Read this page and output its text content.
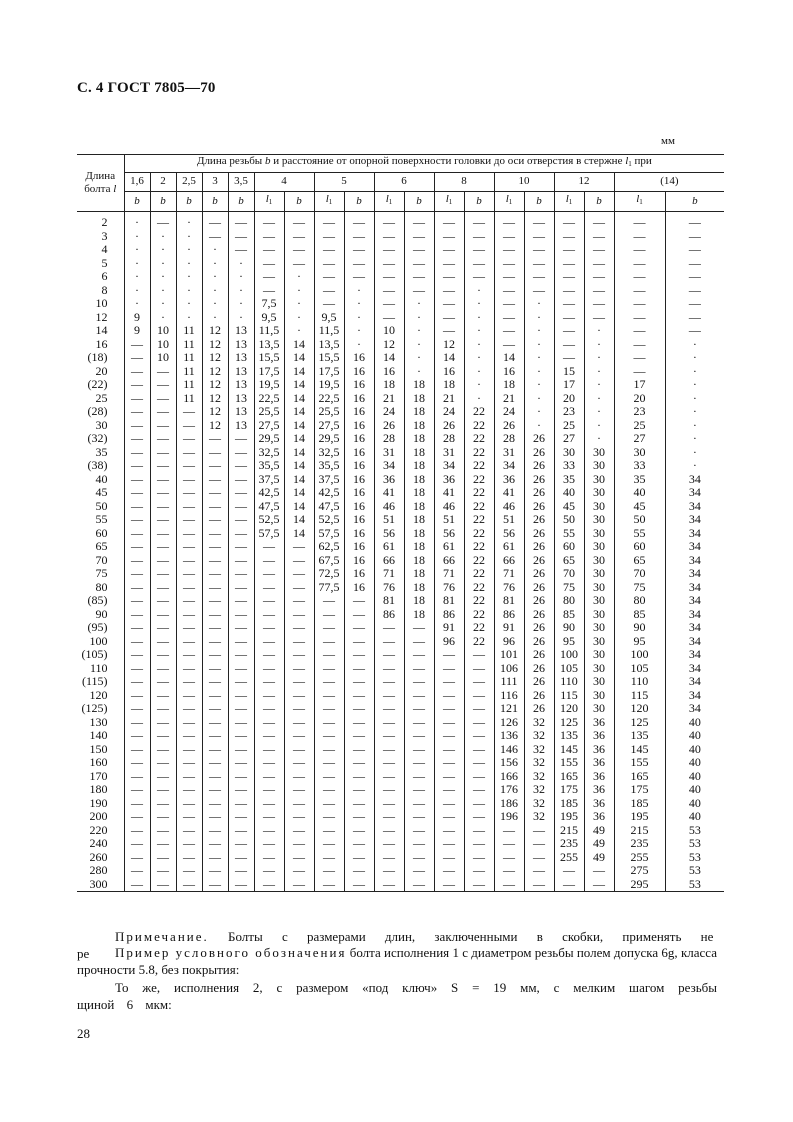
С. 4 ГОСТ 7805—70
мм
Длина
болта l	Длина резьбы b и расстояние от опорной поверхности головки до оси отверстия в стержне $l_1$ при																		
	1,6	2	2,5	3	3,5	4		5		6		8		10		12		(14)	
	b	b	b	b	b	$l_1$	b	$l_1$	b	$l_1$	b	$l_1$	b	$l_1$	b	$l_1$	b	$l_1$	b
2	·	—	·	—	—	—	—	—	—	—	—	—	—	—	—	—	—	—	—
3	·	·	·	—	—	—	—	—	—	—	—	—	—	—	—	—	—	—	—
4	·	·	·	·	—	—	—	—	—	—	—	—	—	—	—	—	—	—	—
5	·	·	·	·	·	—	—	—	—	—	—	—	—	—	—	—	—	—	—
6	·	·	·	·	·	—	·	—	—	—	—	—	—	—	—	—	—	—	—
8	·	·	·	·	·	—	·	—	·	—	—	—	·	—	—	—	—	—	—
10	·	·	·	·	·	7,5	·	—	·	—	·	—	·	—	·	—	—	—	—
12	9	·	·	·	·	9,5	·	9,5	·	—	·	—	·	—	·	—	—	—	—
14	9	10	11	12	13	11,5	·	11,5	·	10	·	—	·	—	·	—	·	—	—
16	—	10	11	12	13	13,5	14	13,5	·	12	·	12	·	—	·	—	·	—	·
(18)	—	10	11	12	13	15,5	14	15,5	16	14	·	14	·	14	·	—	·	—	·
20	—	—	11	12	13	17,5	14	17,5	16	16	·	16	·	16	·	15	·	—	·
(22)	—	—	11	12	13	19,5	14	19,5	16	18	18	18	·	18	·	17	·	17	·
25	—	—	11	12	13	22,5	14	22,5	16	21	18	21	·	21	·	20	·	20	·
(28)	—	—	—	12	13	25,5	14	25,5	16	24	18	24	22	24	·	23	·	23	·
30	—	—	—	12	13	27,5	14	27,5	16	26	18	26	22	26	·	25	·	25	·
(32)	—	—	—	—	—	29,5	14	29,5	16	28	18	28	22	28	26	27	·	27	·
35	—	—	—	—	—	32,5	14	32,5	16	31	18	31	22	31	26	30	30	30	·
(38)	—	—	—	—	—	35,5	14	35,5	16	34	18	34	22	34	26	33	30	33	·
40	—	—	—	—	—	37,5	14	37,5	16	36	18	36	22	36	26	35	30	35	34
45	—	—	—	—	—	42,5	14	42,5	16	41	18	41	22	41	26	40	30	40	34
50	—	—	—	—	—	47,5	14	47,5	16	46	18	46	22	46	26	45	30	45	34
55	—	—	—	—	—	52,5	14	52,5	16	51	18	51	22	51	26	50	30	50	34
60	—	—	—	—	—	57,5	14	57,5	16	56	18	56	22	56	26	55	30	55	34
65	—	—	—	—	—	—	—	62,5	16	61	18	61	22	61	26	60	30	60	34
70	—	—	—	—	—	—	—	67,5	16	66	18	66	22	66	26	65	30	65	34
75	—	—	—	—	—	—	—	72,5	16	71	18	71	22	71	26	70	30	70	34
80	—	—	—	—	—	—	—	77,5	16	76	18	76	22	76	26	75	30	75	34
(85)	—	—	—	—	—	—	—	—	—	81	18	81	22	81	26	80	30	80	34
90	—	—	—	—	—	—	—	—	—	86	18	86	22	86	26	85	30	85	34
(95)	—	—	—	—	—	—	—	—	—	—	—	91	22	91	26	90	30	90	34
100	—	—	—	—	—	—	—	—	—	—	—	96	22	96	26	95	30	95	34
(105)	—	—	—	—	—	—	—	—	—	—	—	—	—	101	26	100	30	100	34
110	—	—	—	—	—	—	—	—	—	—	—	—	—	106	26	105	30	105	34
(115)	—	—	—	—	—	—	—	—	—	—	—	—	—	111	26	110	30	110	34
120	—	—	—	—	—	—	—	—	—	—	—	—	—	116	26	115	30	115	34
(125)	—	—	—	—	—	—	—	—	—	—	—	—	—	121	26	120	30	120	34
130	—	—	—	—	—	—	—	—	—	—	—	—	—	126	32	125	36	125	40
140	—	—	—	—	—	—	—	—	—	—	—	—	—	136	32	135	36	135	40
150	—	—	—	—	—	—	—	—	—	—	—	—	—	146	32	145	36	145	40
160	—	—	—	—	—	—	—	—	—	—	—	—	—	156	32	155	36	155	40
170	—	—	—	—	—	—	—	—	—	—	—	—	—	166	32	165	36	165	40
180	—	—	—	—	—	—	—	—	—	—	—	—	—	176	32	175	36	175	40
190	—	—	—	—	—	—	—	—	—	—	—	—	—	186	32	185	36	185	40
200	—	—	—	—	—	—	—	—	—	—	—	—	—	196	32	195	36	195	40
220	—	—	—	—	—	—	—	—	—	—	—	—	—	—	—	215	49	215	53
240	—	—	—	—	—	—	—	—	—	—	—	—	—	—	—	235	49	235	53
260	—	—	—	—	—	—	—	—	—	—	—	—	—	—	—	255	49	255	53
280	—	—	—	—	—	—	—	—	—	—	—	—	—	—	—	—	—	275	53
300	—	—	—	—	—	—	—	—	—	—	—	—	—	—	—	—	—	295	53
Примечание. Болты с размерами длин, заключенными в скобки, применять не ре	Пример условного обозначения болта исполнения 1 с диаметром резьбы полем допуска 6g, класса прочности 5.8, без покрытия:
То же, исполнения 2, с размером «под ключ» S = 19 мм, с мелким шагом резьбы щиной 6 мкм:
28
